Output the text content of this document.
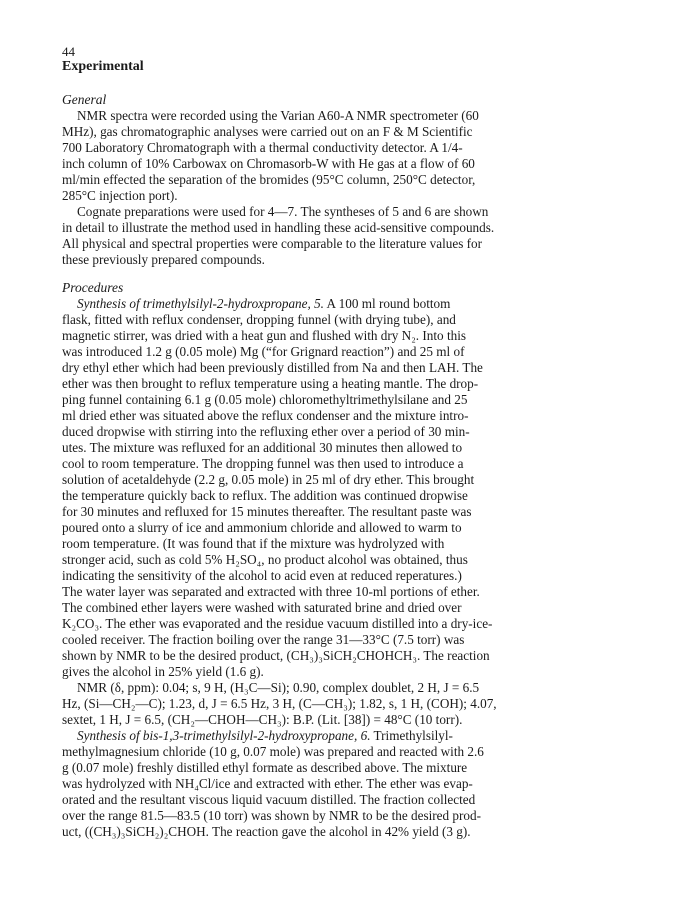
44
Experimental
General
NMR spectra were recorded using the Varian A60-A NMR spectrometer (60
MHz), gas chromatographic analyses were carried out on an F & M Scientific
700 Laboratory Chromatograph with a thermal conductivity detector. A 1/4-
inch column of 10% Carbowax on Chromasorb-W with He gas at a flow of 60
ml/min effected the separation of the bromides (95°C column, 250°C detector,
285°C injection port).
Cognate preparations were used for 4—7. The syntheses of 5 and 6 are shown
in detail to illustrate the method used in handling these acid-sensitive compounds.
All physical and spectral properties were comparable to the literature values for
these previously prepared compounds.
Procedures
Synthesis of trimethylsilyl-2-hydroxpropane, 5. A 100 ml round bottom
flask, fitted with reflux condenser, dropping funnel (with drying tube), and
magnetic stirrer, was dried with a heat gun and flushed with dry N₂. Into this
was introduced 1.2 g (0.05 mole) Mg (“for Grignard reaction”) and 25 ml of
dry ethyl ether which had been previously distilled from Na and then LAH. The
ether was then brought to reflux temperature using a heating mantle. The drop-
ping funnel containing 6.1 g (0.05 mole) chloromethyltrimethylsilane and 25
ml dried ether was situated above the reflux condenser and the mixture intro-
duced dropwise with stirring into the refluxing ether over a period of 30 min-
utes. The mixture was refluxed for an additional 30 minutes then allowed to
cool to room temperature. The dropping funnel was then used to introduce a
solution of acetaldehyde (2.2 g, 0.05 mole) in 25 ml of dry ether. This brought
the temperature quickly back to reflux. The addition was continued dropwise
for 30 minutes and refluxed for 15 minutes thereafter. The resultant paste was
poured onto a slurry of ice and ammonium chloride and allowed to warm to
room temperature. (It was found that if the mixture was hydrolyzed with
stronger acid, such as cold 5% H₂SO₄, no product alcohol was obtained, thus
indicating the sensitivity of the alcohol to acid even at reduced reperatures.)
The water layer was separated and extracted with three 10-ml portions of ether.
The combined ether layers were washed with saturated brine and dried over
K₂CO₃. The ether was evaporated and the residue vacuum distilled into a dry-ice-
cooled receiver. The fraction boiling over the range 31—33°C (7.5 torr) was
shown by NMR to be the desired product, (CH₃)₃SiCH₂CHOHCH₃. The reaction
gives the alcohol in 25% yield (1.6 g).
NMR (δ, ppm): 0.04; s, 9 H, (H₃C—Si); 0.90, complex doublet, 2 H, J = 6.5
Hz, (Si—CH₂—C); 1.23, d, J = 6.5 Hz, 3 H, (C—CH₃); 1.82, s, 1 H, (COH); 4.07,
sextet, 1 H, J = 6.5, (CH₂—CHOH—CH₃): B.P. (Lit. [38]) = 48°C (10 torr).
Synthesis of bis-1,3-trimethylsilyl-2-hydroxypropane, 6. Trimethylsilyl-
methylmagnesium chloride (10 g, 0.07 mole) was prepared and reacted with 2.6
g (0.07 mole) freshly distilled ethyl formate as described above. The mixture
was hydrolyzed with NH₄Cl/ice and extracted with ether. The ether was evap-
orated and the resultant viscous liquid vacuum distilled. The fraction collected
over the range 81.5—83.5 (10 torr) was shown by NMR to be the desired prod-
uct, ((CH₃)₃SiCH₂)₂CHOH. The reaction gave the alcohol in 42% yield (3 g).
